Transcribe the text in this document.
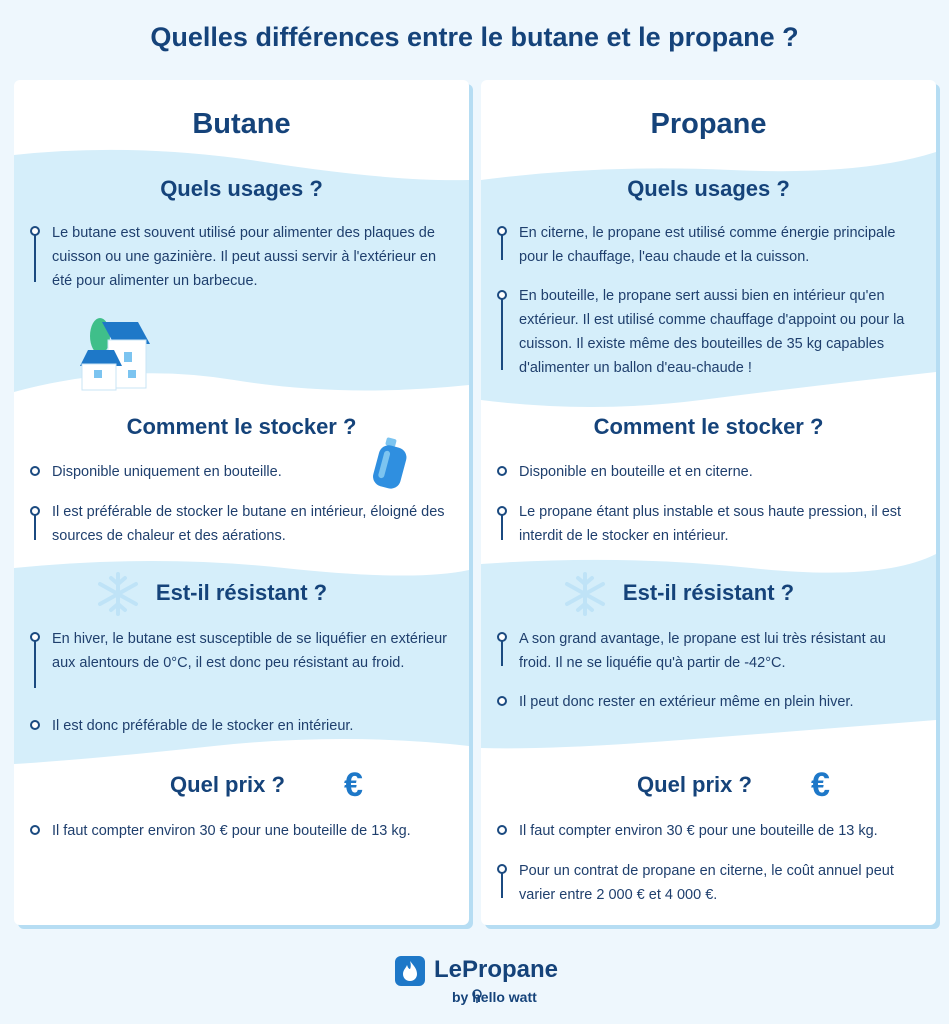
Quelles différences entre le butane et le propane ?
Butane
Quels usages ?
Le butane est souvent utilisé pour alimenter des plaques de cuisson ou une gazinière. Il peut aussi servir à l'extérieur en été pour alimenter un barbecue.
Comment le stocker ?
Disponible uniquement en bouteille.
Il est préférable de stocker le butane en intérieur, éloigné des sources de chaleur et des aérations.
Est-il résistant ?
En hiver, le butane est susceptible de se liquéfier en extérieur aux alentours de 0°C, il est donc peu résistant au froid.
Il est donc préférable de le stocker en intérieur.
Quel prix ?	€
Il faut compter environ 30 € pour une bouteille de 13 kg.
Propane
Quels usages ?
En citerne, le propane est utilisé comme énergie principale pour le chauffage, l'eau chaude et la cuisson.
En bouteille, le propane sert aussi bien en intérieur qu'en extérieur. Il est utilisé comme chauffage d'appoint ou pour la cuisson. Il existe même des bouteilles de 35 kg capables d'alimenter un ballon d'eau-chaude !
Comment le stocker ?
Disponible en bouteille et en citerne.
Le propane étant plus instable et sous haute pression, il est interdit de le stocker en intérieur.
Est-il résistant ?
A son grand avantage, le propane est lui très résistant au froid. Il ne se liquéfie qu'à partir de -42°C.
Il peut donc rester en extérieur même en plein hiver.
Quel prix ?	€
Il faut compter environ 30 € pour une bouteille de 13 kg.
Pour un contrat de propane en citerne, le coût annuel peut varier entre 2 000 € et 4 000 €.
LePropane
by hello watt
